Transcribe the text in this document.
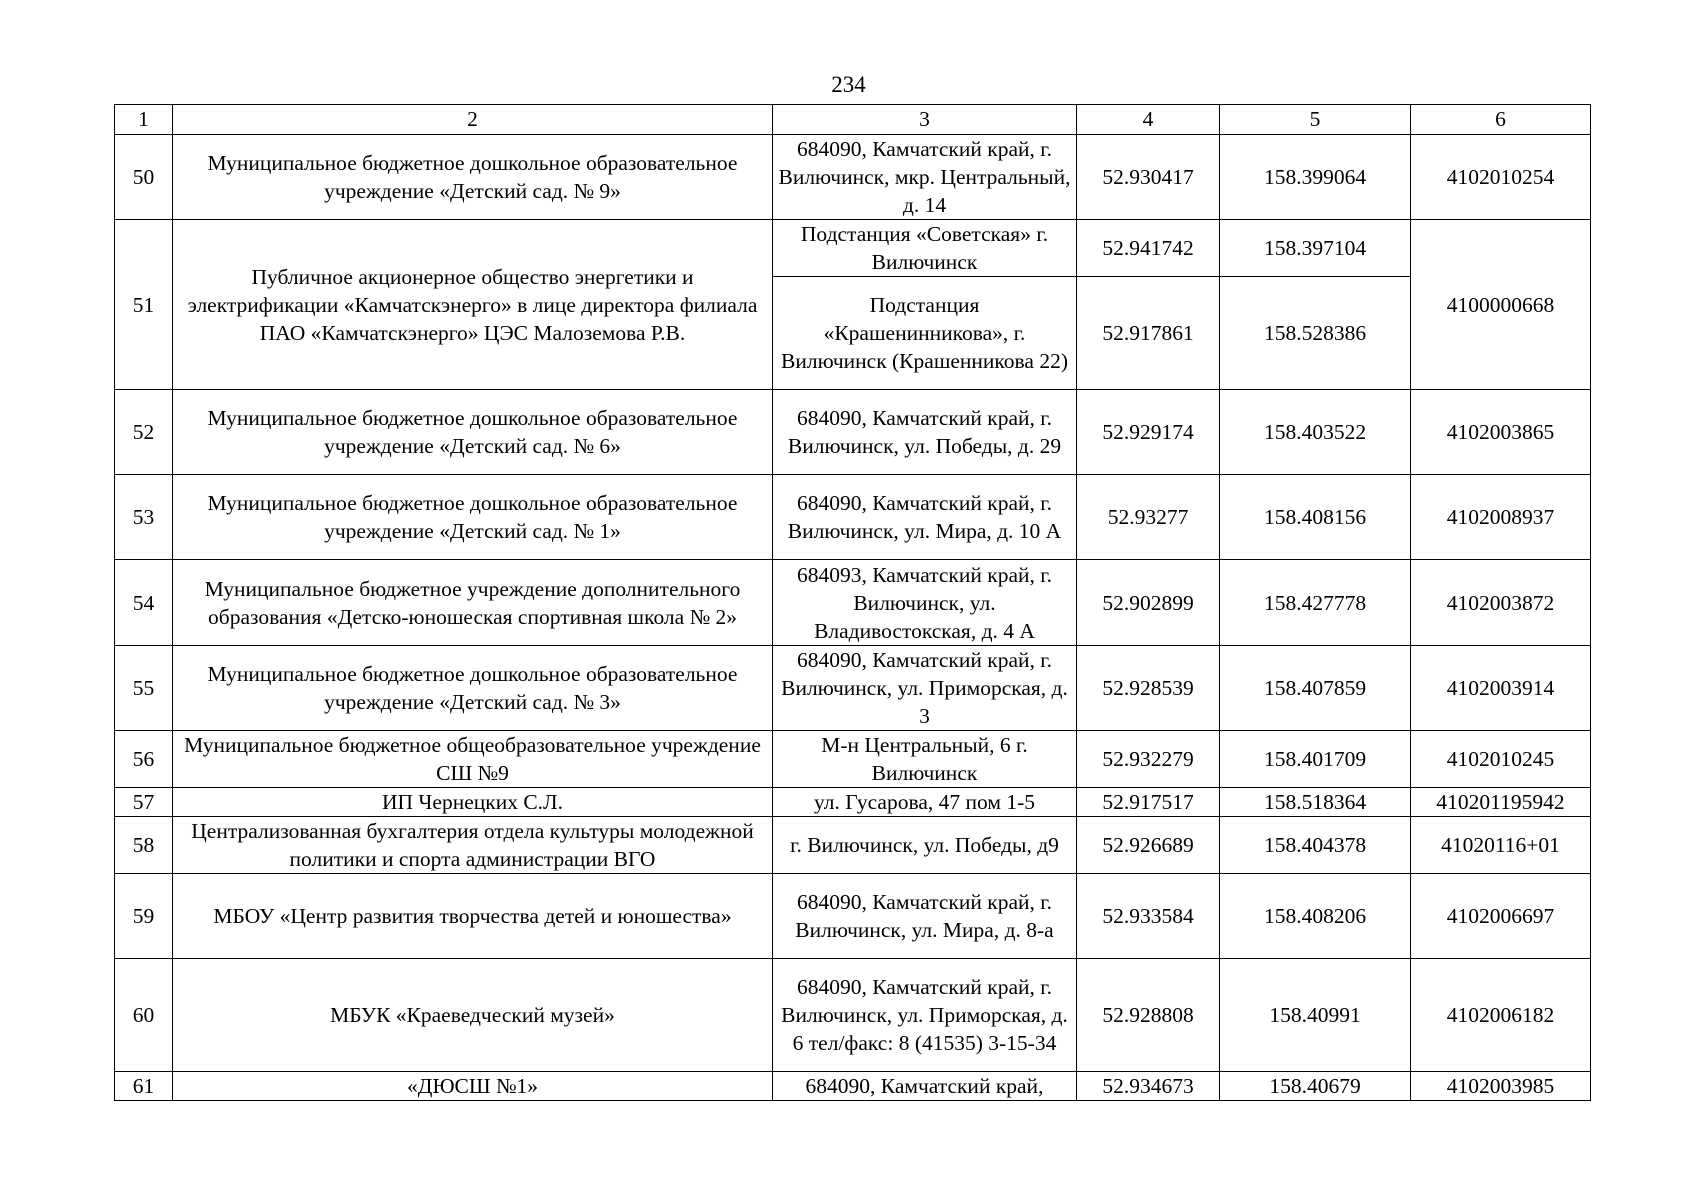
234
1	2	3	4	5	6
50	Муниципальное бюджетное дошкольное образовательное учреждение «Детский сад. № 9»	684090, Камчатский край, г. Вилючинск, мкр. Центральный, д. 14	52.930417	158.399064	4102010254
51	Публичное акционерное общество энергетики и электрификации «Камчатскэнерго» в лице директора филиала ПАО «Камчатскэнерго» ЦЭС Малоземова Р.В.	Подстанция «Советская» г. Вилючинск	52.941742	158.397104	4100000668
		Подстанция «Крашенинникова», г. Вилючинск (Крашенникова 22)	52.917861	158.528386	
52	Муниципальное бюджетное дошкольное образовательное учреждение «Детский сад. № 6»	684090, Камчатский край, г. Вилючинск, ул. Победы, д. 29	52.929174	158.403522	4102003865
53	Муниципальное бюджетное дошкольное образовательное учреждение «Детский сад. № 1»	684090, Камчатский край, г. Вилючинск, ул. Мира, д. 10 А	52.93277	158.408156	4102008937
54	Муниципальное бюджетное учреждение дополнительного образования «Детско-юношеская спортивная школа № 2»	684093, Камчатский край, г. Вилючинск, ул. Владивостокская, д. 4 А	52.902899	158.427778	4102003872
55	Муниципальное бюджетное дошкольное образовательное учреждение «Детский сад. № 3»	684090, Камчатский край, г. Вилючинск, ул. Приморская, д. 3	52.928539	158.407859	4102003914
56	Муниципальное бюджетное общеобразовательное учреждение СШ №9	М-н Центральный, 6 г. Вилючинск	52.932279	158.401709	4102010245
57	ИП Чернецких С.Л.	ул. Гусарова, 47 пом 1-5	52.917517	158.518364	410201195942
58	Централизованная бухгалтерия отдела культуры молодежной политики и спорта администрации ВГО	г. Вилючинск, ул. Победы, д9	52.926689	158.404378	41020116+01
59	МБОУ «Центр развития творчества детей и юношества»	684090, Камчатский край, г. Вилючинск, ул. Мира, д. 8-а	52.933584	158.408206	4102006697
60	МБУК «Краеведческий музей»	684090, Камчатский край, г. Вилючинск, ул. Приморская, д. 6 тел/факс: 8 (41535) 3-15-34	52.928808	158.40991	4102006182
61	«ДЮСШ №1»	684090, Камчатский край,	52.934673	158.40679	4102003985
